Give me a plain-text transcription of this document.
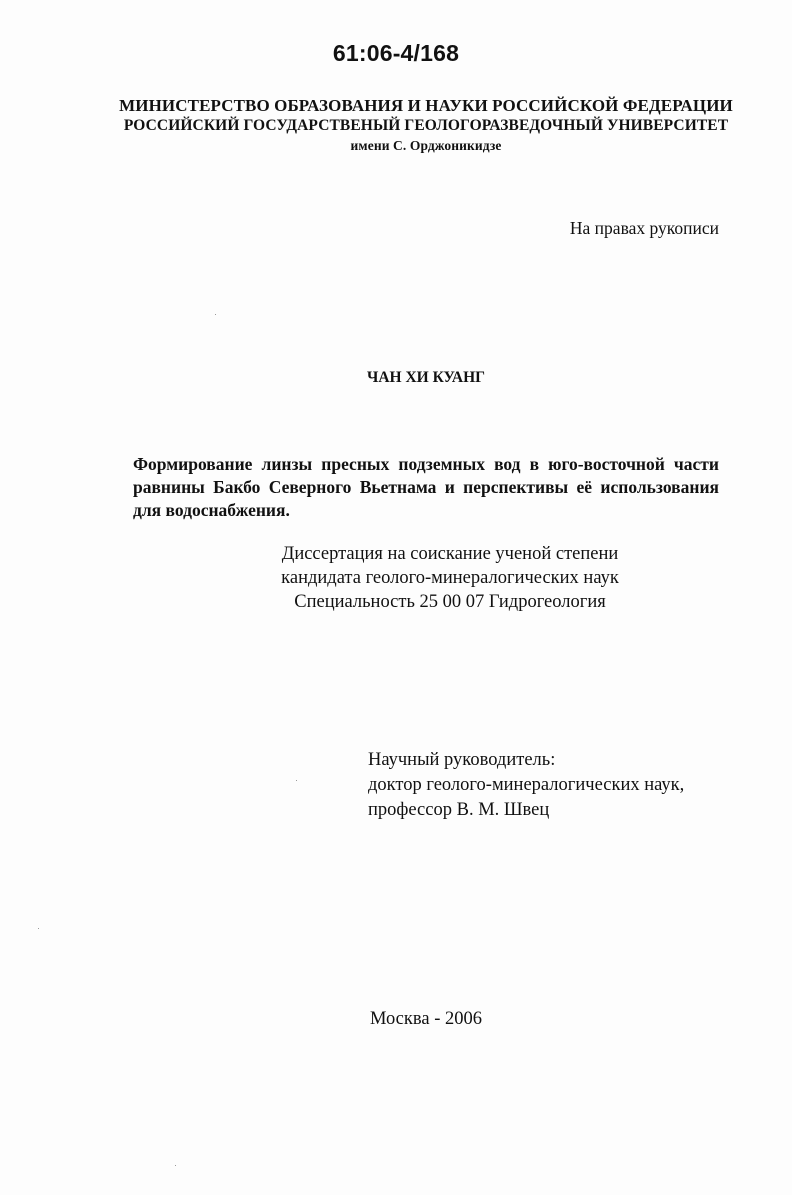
61:06-4/168
МИНИСТЕРСТВО ОБРАЗОВАНИЯ И НАУКИ РОССИЙСКОЙ ФЕДЕРАЦИИ
РОССИЙСКИЙ ГОСУДАРСТВЕНЫЙ ГЕОЛОГОРАЗВЕДОЧНЫЙ УНИВЕРСИТЕТ
имени С. Орджоникидзе
На правах рукописи
ЧАН ХИ КУАНГ
Формирование линзы пресных подземных вод в юго-восточной части равнины Бакбо Северного Вьетнама и перспективы её использования для водоснабжения.
Диссертация на соискание ученой степени
кандидата геолого-минералогических наук
Специальность 25 00 07 Гидрогеология
Научный руководитель:
доктор геолого-минералогических наук,
профессор В. М. Швец
Москва - 2006
